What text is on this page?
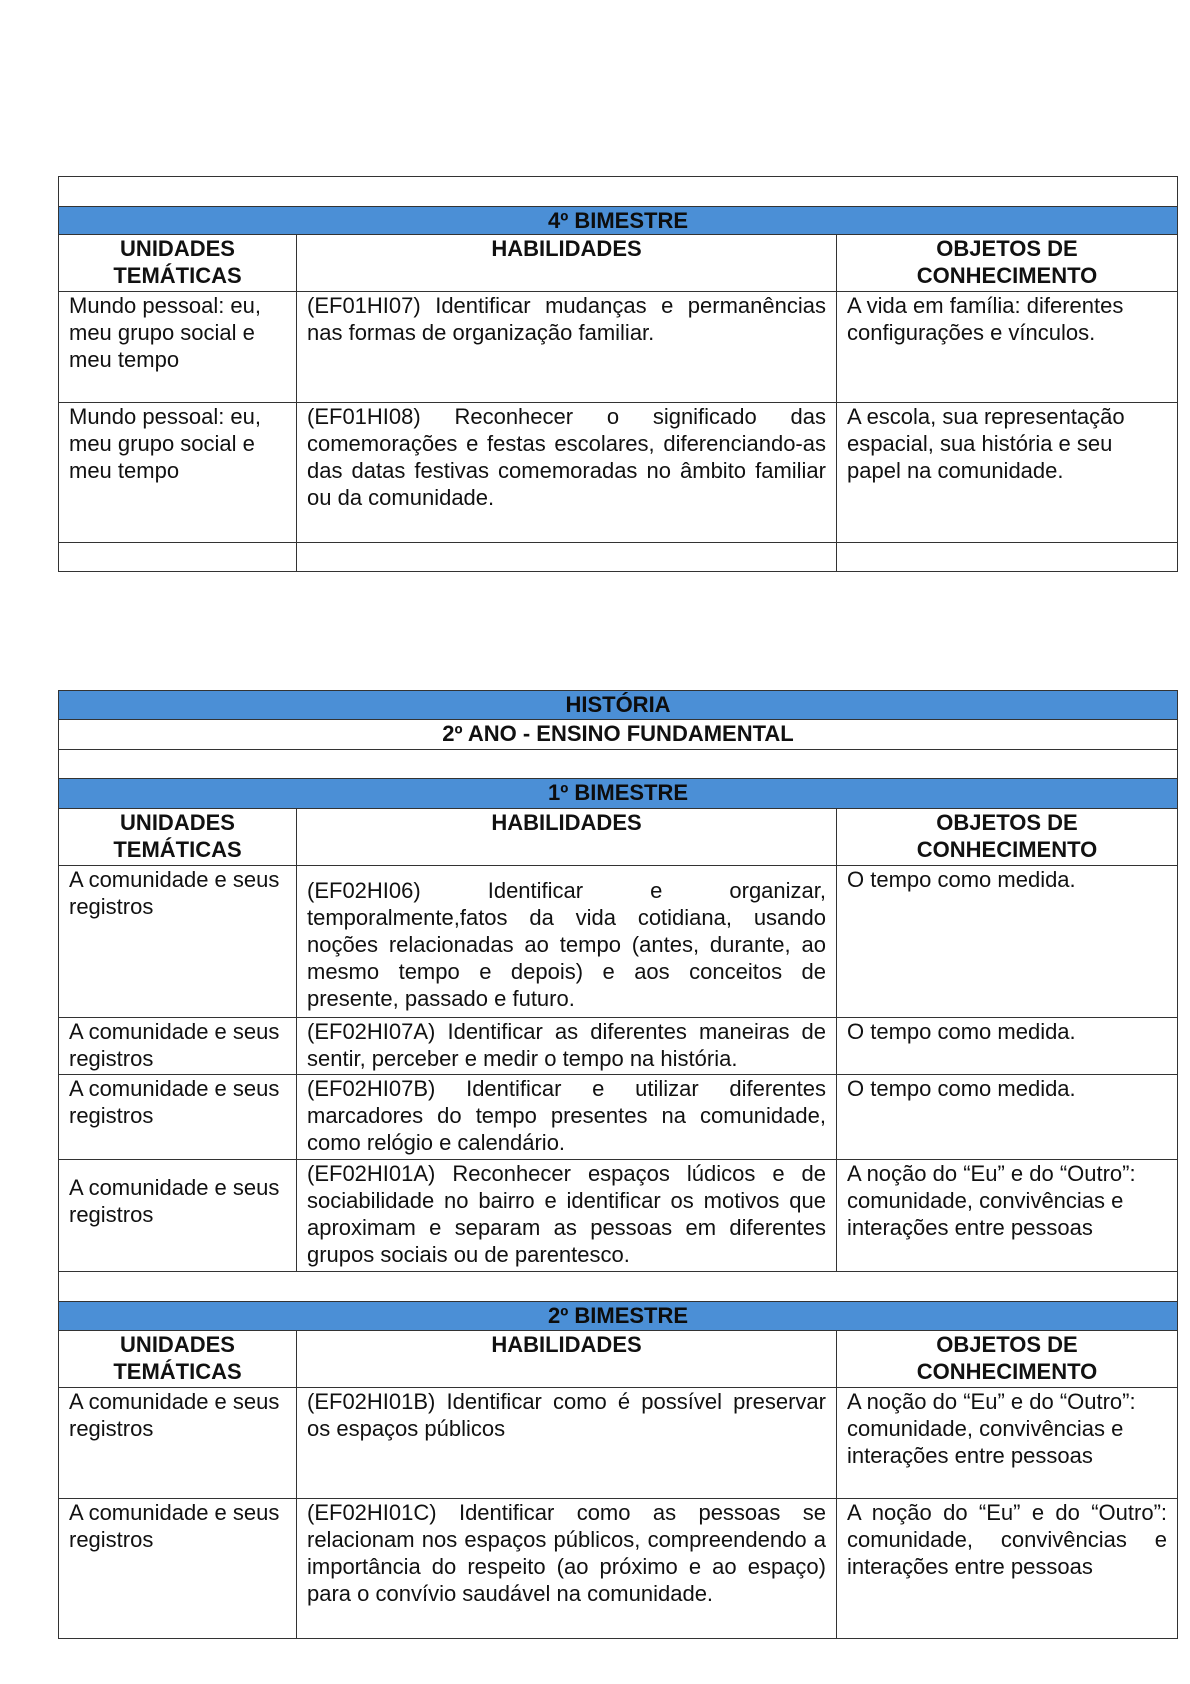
4º BIMESTRE		
UNIDADES TEMÁTICAS	HABILIDADES	OBJETOS DE CONHECIMENTO
Mundo pessoal: eu, meu grupo social e meu tempo	(EF01HI07) Identificar mudanças e permanências nas formas de organização familiar.	A vida em família: diferentes configurações e vínculos.
Mundo pessoal: eu, meu grupo social e meu tempo	(EF01HI08) Reconhecer o significado das comemorações e festas escolares, diferenciando-as das datas festivas comemoradas no âmbito familiar ou da comunidade.	A escola, sua representação espacial, sua história e seu papel na comunidade.

HISTÓRIA		
2º ANO - ENSINO FUNDAMENTAL		

1º BIMESTRE		
UNIDADES TEMÁTICAS	HABILIDADES	OBJETOS DE CONHECIMENTO
A comunidade e seus registros	(EF02HI06) Identificar e organizar, temporalmente,fatos da vida cotidiana, usando noções relacionadas ao tempo (antes, durante, ao mesmo tempo e depois) e aos conceitos de presente, passado e futuro.	O tempo como medida.
A comunidade e seus registros	(EF02HI07A) Identificar as diferentes maneiras de sentir, perceber e medir o tempo na história.	O tempo como medida.
A comunidade e seus registros	(EF02HI07B) Identificar e utilizar diferentes marcadores do tempo presentes na comunidade, como relógio e calendário.	O tempo como medida.
A comunidade e seus registros	(EF02HI01A) Reconhecer espaços lúdicos e de sociabilidade no bairro e identificar os motivos que aproximam e separam as pessoas em diferentes grupos sociais ou de parentesco.	A noção do “Eu” e do “Outro”: comunidade, convivências e interações entre pessoas

2º BIMESTRE		
UNIDADES TEMÁTICAS	HABILIDADES	OBJETOS DE CONHECIMENTO
A comunidade e seus registros	(EF02HI01B) Identificar como é possível preservar os espaços públicos	A noção do “Eu” e do “Outro”: comunidade, convivências e interações entre pessoas
A comunidade e seus registros	(EF02HI01C) Identificar como as pessoas se relacionam nos espaços públicos, compreendendo a importância do respeito (ao próximo e ao espaço) para o convívio saudável na comunidade.	A noção do “Eu” e do “Outro”: comunidade, convivências e interações entre pessoas
